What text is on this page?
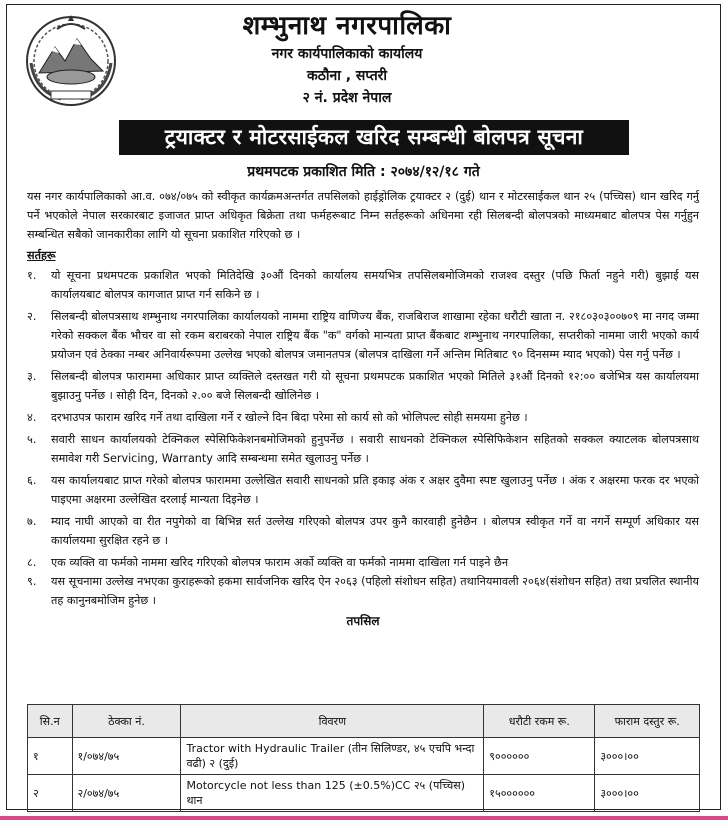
शम्भुनाथ नगरपालिका
नगर कार्यपालिकाको कार्यालय
कठौना , सप्तरी
२ नं. प्रदेश नेपाल
ट्रयाक्टर र मोटरसाईकल खरिद सम्बन्धी बोलपत्र सूचना
प्रथमपटक प्रकाशित मिति : २०७४/१२/१८ गते

यस नगर कार्यपालिकाको आ.व. ०७४/०७५ को स्वीकृत कार्यक्रमअन्तर्गत तपसिलको हाईड्रोलिक ट्रयाक्टर २ (दुई) थान र मोटरसाईकल थान २५ (पच्चिस) थान खरिद गर्नु पर्ने भएकोले नेपाल सरकारबाट इजाजत प्राप्त अधिकृत बिक्रेता तथा फर्महरूबाट निम्न सर्तहरूको अधिनमा रही सिलबन्दी बोलपत्रको माध्यमबाट बोलपत्र पेस गर्नुहुन सम्बन्धित सबैको जानकारीका लागि यो सूचना प्रकाशित गरिएको छ ।

सर्तहरू
१.	यो सूचना प्रथमपटक प्रकाशित भएको मितिदेखि ३०औं दिनको कार्यालय समयभित्र तपसिलबमोजिमको राजश्व दस्तुर (पछि फिर्ता नहुने गरी) बुझाई यस कार्यालयबाट बोलपत्र कागजात प्राप्त गर्न सकिने छ ।
२.	सिलबन्दी बोलपत्रसाथ शम्भुनाथ नगरपालिका कार्यालयको नाममा राष्ट्रिय वाणिज्य बैंक, राजबिराज शाखामा रहेका धरौटी खाता न. २१८०३०३००७०९ मा नगद जम्मा गरेको सक्कल बैंक भौचर वा सो रकम बराबरको नेपाल राष्ट्रिय बैंक "क" वर्गको मान्यता प्राप्त बैंकबाट शम्भुनाथ नगरपालिका, सप्तरीको नाममा जारी भएको कार्य प्रयोजन एवं ठेक्का नम्बर अनिवार्यरूपमा उल्लेख भएको बोलपत्र जमानतपत्र (बोलपत्र दाखिला गर्ने अन्तिम मितिबाट ९० दिनसम्म म्याद भएको) पेस गर्नु पर्नेछ ।
३.	सिलबन्दी बोलपत्र फाराममा अधिकार प्राप्त व्यक्तिले दस्तखत गरी यो सूचना प्रथमपटक प्रकाशित भएको मितिले ३१औं दिनको १२:०० बजेभित्र यस कार्यालयमा बुझाउनु पर्नेछ । सोही दिन, दिनको २.०० बजे सिलबन्दी खोलिनेछ ।
४.	दरभाउपत्र फाराम खरिद गर्ने तथा दाखिला गर्ने र खोल्ने दिन बिदा परेमा सो कार्य सो को भोलिपल्ट सोही समयमा हुनेछ ।
५.	सवारी साधन कार्यालयको टेक्निकल स्पेसिफिकेशनबमोजिमको हुनुपर्नेछ । सवारी साधनको टेक्निकल स्पेसिफिकेशन सहितको सक्कल क्याटलक बोलपत्रसाथ समावेश गरी Servicing, Warranty आदि सम्बन्धमा समेत खुलाउनु पर्नेछ ।
६.	यस कार्यालयबाट प्राप्त गरेको बोलपत्र फाराममा उल्लेखित सवारी साधनको प्रति इकाइ अंक र अक्षर दुवैमा स्पष्ट खुलाउनु पर्नेछ । अंक र अक्षरमा फरक दर भएको पाइएमा अक्षरमा उल्लेखित दरलाई मान्यता दिइनेछ ।
७.	म्याद नाघी आएको वा रीत नपुगेको वा बिभिन्न सर्त उल्लेख गरिएको बोलपत्र उपर कुनै कारवाही हुनेछैन । बोलपत्र स्वीकृत गर्ने वा नगर्ने सम्पूर्ण अधिकार यस कार्यालयमा सुरक्षित रहने छ ।
८.	एक व्यक्ति वा फर्मको नाममा खरिद गरिएको बोलपत्र फाराम अर्को व्यक्ति वा फर्मको नाममा दाखिला गर्न पाइने छैन
९.	यस सूचनामा उल्लेख नभएका कुराहरूको हकमा सार्वजनिक खरिद ऐन २०६३ (पहिलो संशोधन सहित) तथानियमावली २०६४(संशोधन सहित) तथा प्रचलित स्थानीय तह कानुनबमोजिम हुनेछ ।
तपसिल
सि.न	ठेक्का नं.	विवरण	धरौटी रकम रू.	फाराम दस्तुर रू.
१	१/०७४/७५	Tractor with Hydraulic Trailer (तीन सिलिण्डर, ४५ एचपि भन्दा वढी) २ (दुई)	९००००००	३०००।००
२	२/०७४/७५	Motorcycle not less than 125 (±0.5%)CC २५ (पच्चिस) थान	१५००००००	३०००।००
